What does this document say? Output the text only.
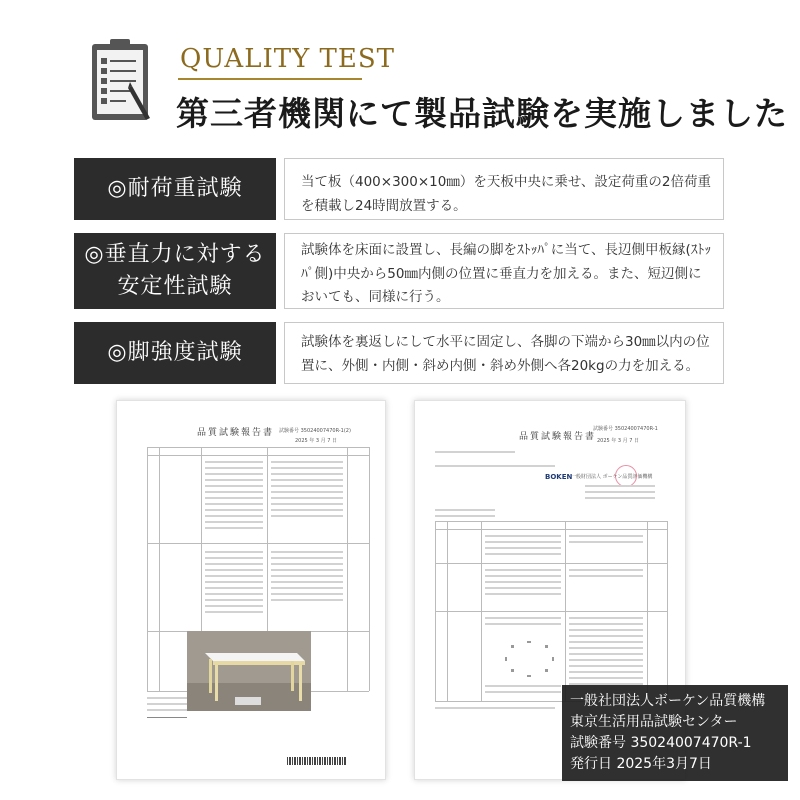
QUALITY TEST
第三者機関にて製品試験を実施しました
◎耐荷重試験	当て板（400×300×10㎜）を天板中央に乗せ、設定荷重の2倍荷重を積載し24時間放置する。
◎垂直力に対する
安定性試験
試験体を床面に設置し、長編の脚をｽﾄｯﾊﾟに当て、長辺側甲板縁(ｽﾄｯﾊﾟ側)中央から50㎜内側の位置に垂直力を加える。また、短辺側においても、同様に行う。
◎脚強度試験	試験体を裏返しにして水平に固定し、各脚の下端から30㎜以内の位置に、外側・内側・斜め内側・斜め外側へ各20kgの力を加える。
品質試験報告書 試験番号 35024007470R-1(2)
2025 年 3 月 7 日
試験番号 35024007470R-1
品質試験報告書 2025 年 3 月 7 日
BOKEN
一般財団法人 ボーケン品質評価機構
一般社団法人ボーケン品質機構
東京生活用品試験センター
試験番号 35024007470R-1
発行日 2025年3月7日
